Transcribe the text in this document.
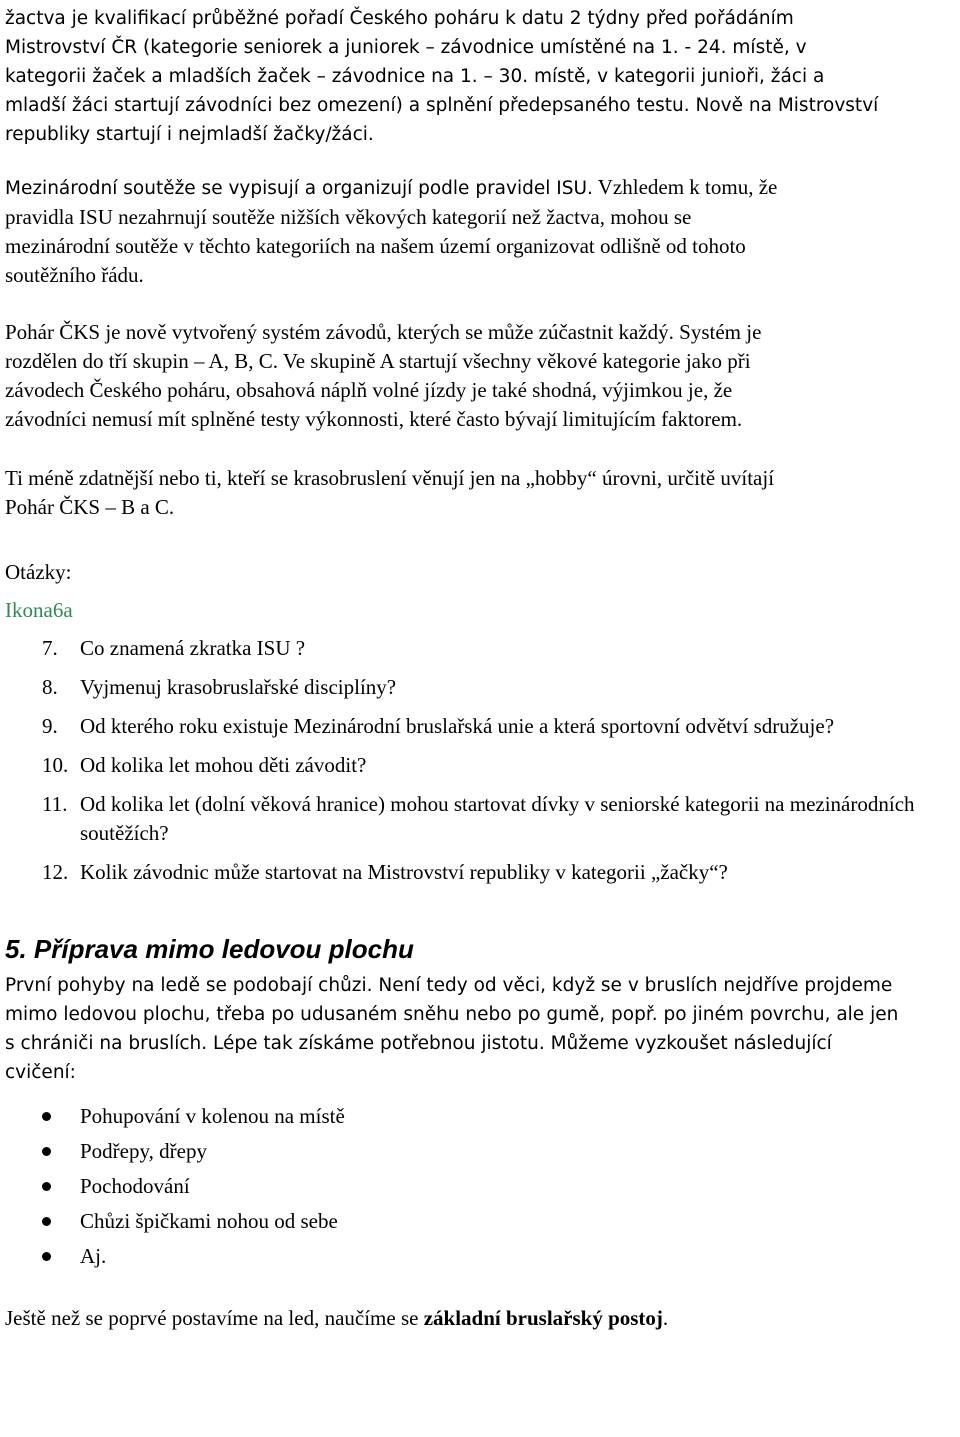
žactva je kvalifikací průběžné pořadí Českého poháru k datu 2 týdny před pořádáním
Mistrovství ČR (kategorie seniorek a juniorek – závodnice umístěné na 1. - 24. místě, v
kategorii žaček a mladších žaček – závodnice na 1. – 30. místě, v kategorii junioři, žáci a
mladší žáci startují závodníci bez omezení) a splnění předepsaného testu. Nově na Mistrovství
republiky startují i nejmladší žačky/žáci.
Mezinárodní soutěže se vypisují a organizují podle pravidel ISU. Vzhledem k tomu, že
pravidla ISU nezahrnují soutěže nižších věkových kategorií než žactva, mohou se
mezinárodní soutěže v těchto kategoriích na našem území organizovat odlišně od tohoto
soutěžního řádu.
Pohár ČKS je nově vytvořený systém závodů, kterých se může zúčastnit každý. Systém je
rozdělen do tří skupin – A, B, C. Ve skupině A startují všechny věkové kategorie jako při
závodech Českého poháru, obsahová náplň volné jízdy je také shodná, výjimkou je, že
závodníci nemusí mít splněné testy výkonnosti, které často bývají limitujícím faktorem.
Ti méně zdatnější nebo ti, kteří se krasobruslení věnují jen na „hobby“ úrovni, určitě uvítají
Pohár ČKS – B a C.
Otázky:
Ikona6a
7.	Co znamená zkratka ISU ?
8.	Vyjmenuj krasobruslařské disciplíny?
9.	Od kterého roku existuje Mezinárodní bruslařská unie a která sportovní odvětví sdružuje?
10. Od kolika let mohou děti závodit?
11. Od kolika let (dolní věková hranice) mohou startovat dívky v seniorské kategorii na mezinárodních soutěžích?
12. Kolik závodnic může startovat na Mistrovství republiky v kategorii „žačky“?
5. Příprava mimo ledovou plochu

První pohyby na ledě se podobají chůzi. Není tedy od věci, když se v bruslích nejdříve projdeme mimo ledovou plochu, třeba po udusaném sněhu nebo po gumě, popř. po jiném povrchu, ale jen s chrániči na bruslích. Lépe tak získáme potřebnou jistotu. Můžeme vyzkoušet následující cvičení:

Pohupování v kolenou na místě
Podřepy, dřepy
Pochodování
Chůzi špičkami nohou od sebe
Aj.

Ještě než se poprvé postavíme na led, naučíme se základní bruslařský postoj.
